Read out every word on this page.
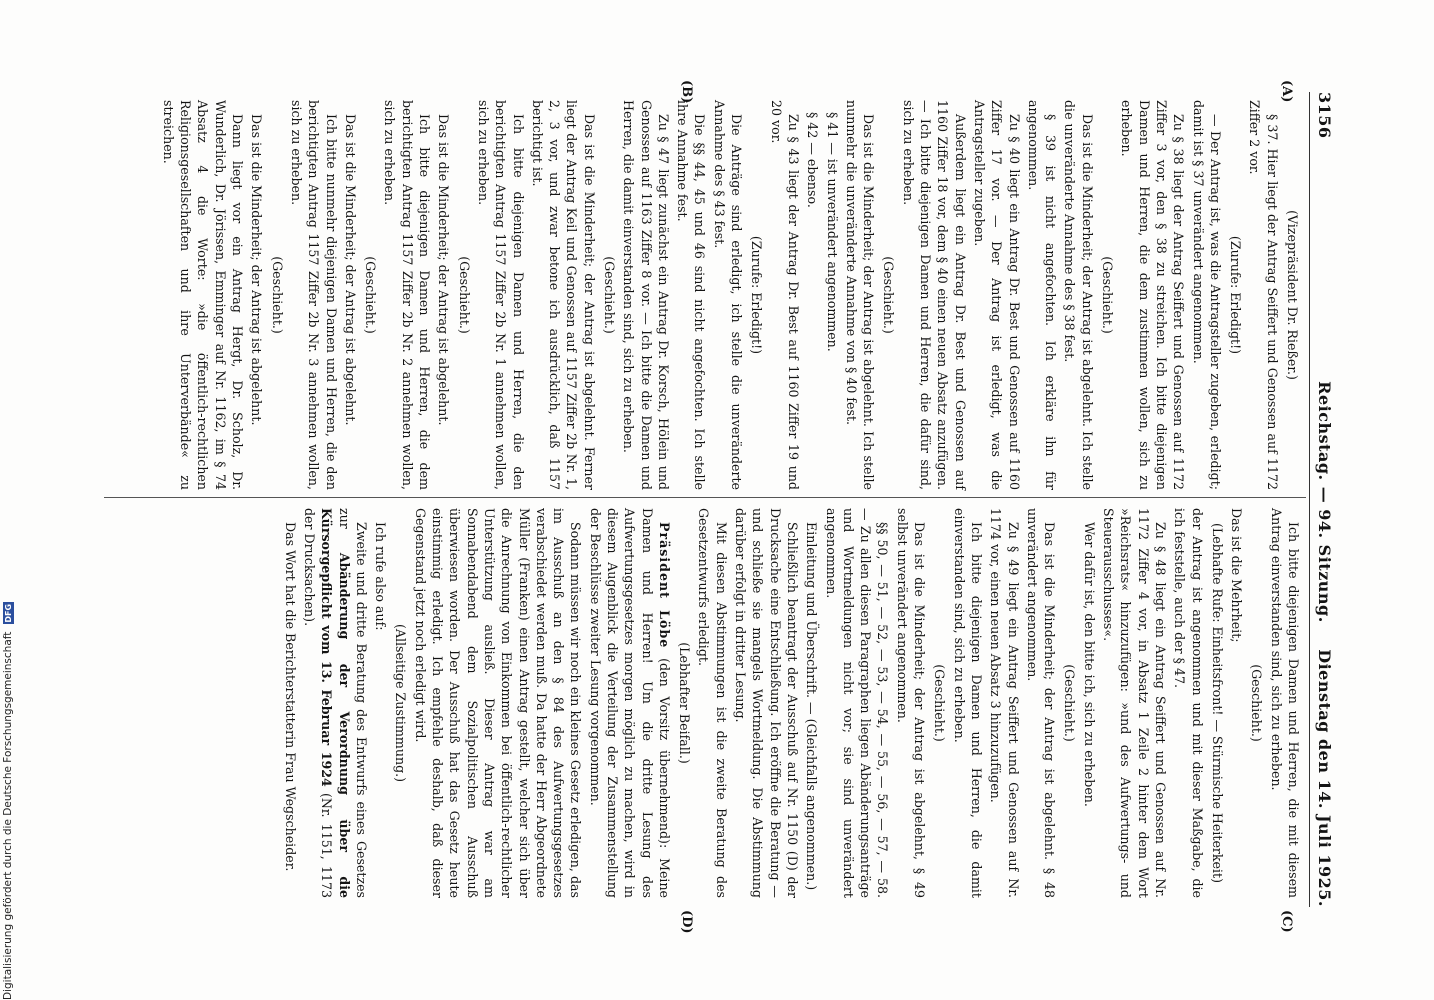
3156
Reichstag. — 94. Sitzung.
Dienstag den 14. Juli 1925.

(Vizepräsident Dr. Rießer.)

§ 37. Hier liegt der Antrag Seiffert und Genossen auf 1172 Ziffer 2 vor.

(Zurufe: Erledigt!)

— Der Antrag ist, was die Antragsteller zugeben, erledigt; damit ist § 37 unverändert angenommen.

Zu § 38 liegt der Antrag Seiffert und Genossen auf 1172 Ziffer 3 vor, den § 38 zu streichen. Ich bitte diejenigen Damen und Herren, die dem zustimmen wollen, sich zu erheben.

(Geschieht.)

Das ist die Minderheit; der Antrag ist abgelehnt. Ich stelle die unveränderte Annahme des § 38 fest.

§ 39 ist nicht angefochten. Ich erkläre ihn für angenommen.

Zu § 40 liegt ein Antrag Dr. Best und Genossen auf 1160 Ziffer 17 vor. — Der Antrag ist erledigt, was die Antragsteller zugeben.

Außerdem liegt ein Antrag Dr. Best und Genossen auf 1160 Ziffer 18 vor, dem § 40 einen neuen Absatz anzufügen. — Ich bitte diejenigen Damen und Herren, die dafür sind, sich zu erheben.

(Geschieht.)

Das ist die Minderheit; der Antrag ist abgelehnt. Ich stelle nunmehr die unveränderte Annahme von § 40 fest.

§ 41 — ist unverändert angenommen.

§ 42 — ebenso.

Zu § 43 liegt der Antrag Dr. Best auf 1160 Ziffer 19 und 20 vor.

(Zurufe: Erledigt!)

Die Anträge sind erledigt, ich stelle die unveränderte Annahme des § 43 fest.

Die §§ 44, 45 und 46 sind nicht angefochten. Ich stelle ihre Annahme fest.

Zu § 47 liegt zunächst ein Antrag Dr. Korsch, Hölein und Genossen auf 1163 Ziffer 8 vor. — Ich bitte die Damen und Herren, die damit einverstanden sind, sich zu erheben.

(Geschieht.)

Das ist die Minderheit; der Antrag ist abgelehnt. Ferner liegt der Antrag Keil und Genossen auf 1157 Ziffer 2b Nr. 1, 2, 3 vor, und zwar betone ich ausdrücklich, daß 1157 berichtigt ist.

Ich bitte diejenigen Damen und Herren, die den berichtigten Antrag 1157 Ziffer 2b Nr. 1 annehmen wollen, sich zu erheben.

(Geschieht.)

Das ist die Minderheit; der Antrag ist abgelehnt.

Ich bitte diejenigen Damen und Herren, die dem berichtigten Antrag 1157 Ziffer 2b Nr. 2 annehmen wollen, sich zu erheben.

(Geschieht.)

Das ist die Minderheit; der Antrag ist abgelehnt.

Ich bitte nunmehr diejenigen Damen und Herren, die den berichtigten Antrag 1157 Ziffer 2b Nr. 3 annehmen wollen, sich zu erheben.

(Geschieht.)

Das ist die Minderheit; der Antrag ist abgelehnt.

Dann liegt vor ein Antrag Hergt, Dr. Scholz, Dr. Wunderlich, Dr. Jörissen, Emminger auf Nr. 1162, im § 74 Absatz 4 die Worte: »die öffentlich-rechtlichen Religionsgesellschaften und ihre Unterverbände« zu streichen.

Ich bitte diejenigen Damen und Herren, die mit diesem Antrag einverstanden sind, sich zu erheben.

(Geschieht.)

Das ist die Mehrheit;

(Lebhafte Rufe: Einheitsfront! — Stürmische Heiterkeit)

der Antrag ist angenommen und mit dieser Maßgabe, die ich feststelle, auch der § 47.

Zu § 48 liegt ein Antrag Seiffert und Genossen auf Nr. 1172 Ziffer 4 vor, in Absatz 1 Zeile 2 hinter dem Wort »Reichsrats« hinzuzufügen: »und des Aufwertungs- und Steuerausschusses«.

Wer dafür ist, den bitte ich, sich zu erheben.

(Geschieht.)

Das ist die Minderheit; der Antrag ist abgelehnt. § 48 unverändert angenommen.

Zu § 49 liegt ein Antrag Seiffert und Genossen auf Nr. 1174 vor, einen neuen Absatz 3 hinzuzufügen.

Ich bitte diejenigen Damen und Herren, die damit einverstanden sind, sich zu erheben.

(Geschieht.)

Das ist die Minderheit; der Antrag ist abgelehnt, § 49 selbst unverändert angenommen.

§§ 50, — 51, — 52, — 53, — 54, — 55, — 56, — 57, — 58. — Zu allen diesen Paragraphen liegen Abänderungsanträge und Wortmeldungen nicht vor; sie sind unverändert angenommen.

Einleitung und Überschrift. — (Gleichfalls angenommen.)

Schließlich beantragt der Ausschuß auf Nr. 1150 (D) der Drucksache eine Entschließung. Ich eröffne die Beratung — und schließe sie mangels Wortmeldung. Die Abstimmung darüber erfolgt in dritter Lesung.

Mit diesen Abstimmungen ist die zweite Beratung des Gesetzentwurfs erledigt.

(Lebhafter Beifall.)

Präsident Löbe (den Vorsitz übernehmend): Meine Damen und Herren! Um die dritte Lesung des Aufwertungsgesetzes morgen möglich zu machen, wird in diesem Augenblick die Verteilung der Zusammenstellung der Beschlüsse zweiter Lesung vorgenommen.

Sodann müssen wir noch ein kleines Gesetz erledigen, das im Ausschuß an den § 84 des Aufwertungsgesetzes verabschiedet werden muß. Da hatte der Herr Abgeordnete Müller (Franken) einen Antrag gestellt, welcher sich über die Anrechnung von Einkommen bei öffentlich-rechtlicher Unterstützung ausließ. Dieser Antrag war am Sonnabendabend dem Sozialpolitischen Ausschuß überwiesen worden. Der Ausschuß hat das Gesetz heute einstimmig erledigt. Ich empfehle deshalb, daß dieser Gegenstand jetzt noch erledigt wird.

(Allseitige Zustimmung.)

Ich rufe also auf:

Zweite und dritte Beratung des Entwurfs eines Gesetzes zur Abänderung der Verordnung über die Kürsorgepflicht vom 13. Februar 1924 (Nr. 1151, 1173 der Drucksachen).

Das Wort hat die Berichterstatterin Frau Wegscheider.

(A)
(B)
(C)
(D)
Digitalisierung gefördert durch die Deutsche Forschungsgemeinschaft DFG
